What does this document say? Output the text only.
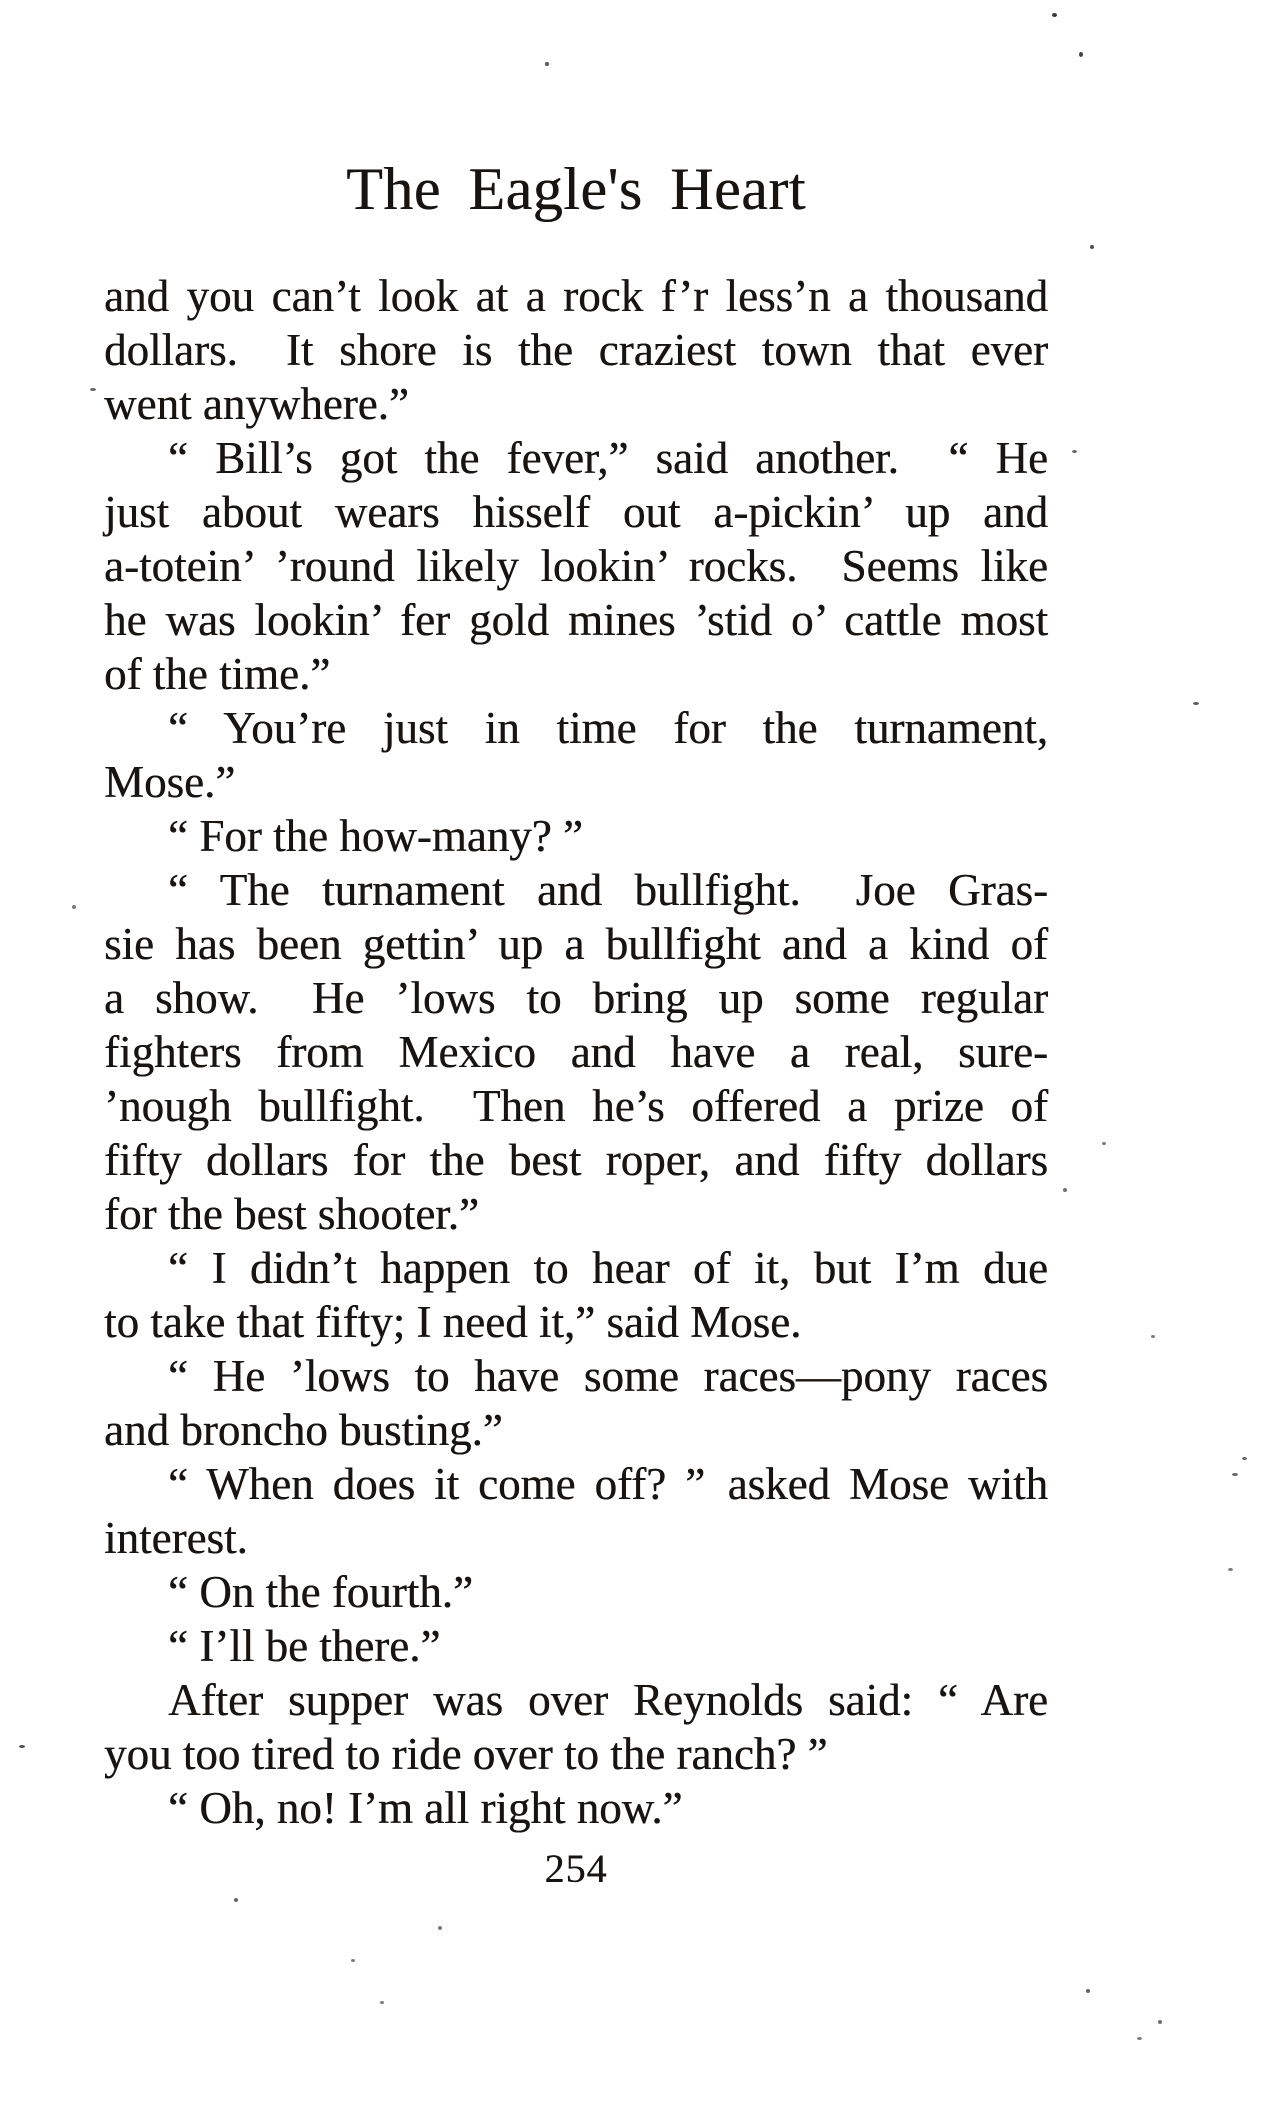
The Eagle's Heart
and you can’t look at a rock f’r less’n a thousand
dollars.  It shore is the craziest town that ever
went anywhere.”
“ Bill’s got the fever,” said another.  “ He
just about wears hisself out a-pickin’ up and
a-totein’ ’round likely lookin’ rocks.  Seems like
he was lookin’ fer gold mines ’stid o’ cattle most
of the time.”
“ You’re just in time for the turnament,
Mose.”
“ For the how-many? ”
“ The turnament and bullfight.  Joe Gras-
sie has been gettin’ up a bullfight and a kind of
a show.  He ’lows to bring up some regular
fighters from Mexico and have a real, sure-
’nough bullfight.  Then he’s offered a prize of
fifty dollars for the best roper, and fifty dollars
for the best shooter.”
“ I didn’t happen to hear of it, but I’m due
to take that fifty; I need it,” said Mose.
“ He ’lows to have some races—pony races
and broncho busting.”
“ When does it come off? ” asked Mose with
interest.
“ On the fourth.”
“ I’ll be there.”
After supper was over Reynolds said: “ Are
you too tired to ride over to the ranch? ”
“ Oh, no! I’m all right now.”
254
